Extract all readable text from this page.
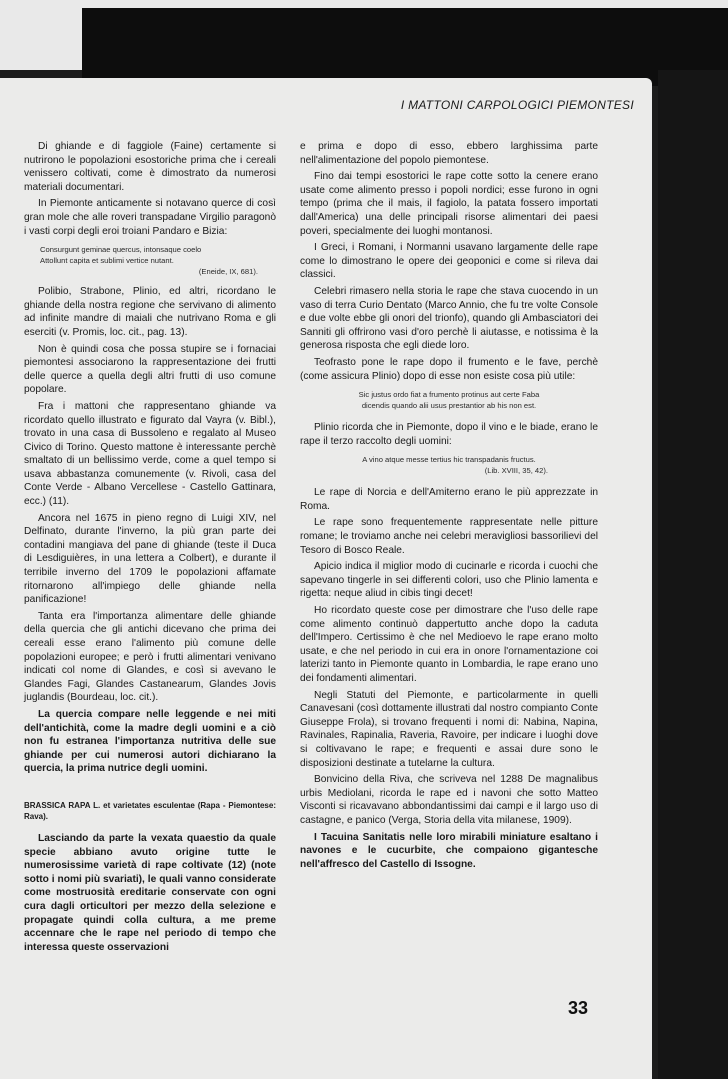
I MATTONI CARPOLOGICI PIEMONTESI

Di ghiande e di faggiole (Faine) certamente si nutrirono le popolazioni esostoriche prima che i cereali venissero coltivati, come è dimostrato da numerosi materiali documentari.

In Piemonte anticamente si notavano querce di così gran mole che alle roveri transpadane Virgilio paragonò i vasti corpi degli eroi troiani Pandaro e Bizia:

Consurgunt geminae quercus, intonsaque coelo
Attollunt capita et sublimi vertice nutant.
(Eneide, IX, 681).

Polibio, Strabone, Plinio, ed altri, ricordano le ghiande della nostra regione che servivano di alimento ad infinite mandre di maiali che nutrivano Roma e gli eserciti (v. Promis, loc. cit., pag. 13).

Non è quindi cosa che possa stupire se i fornaciai piemontesi associarono la rappresentazione dei frutti delle querce a quella degli altri frutti di uso comune popolare.

Fra i mattoni che rappresentano ghiande va ricordato quello illustrato e figurato dal Vayra (v. Bibl.), trovato in una casa di Bussoleno e regalato al Museo Civico di Torino. Questo mattone è interessante perchè smaltato di un bellissimo verde, come a quel tempo si usava abbastanza comunemente (v. Rivoli, casa del Conte Verde - Albano Vercellese - Castello Gattinara, ecc.) (11).

Ancora nel 1675 in pieno regno di Luigi XIV, nel Delfinato, durante l'inverno, la più gran parte dei contadini mangiava del pane di ghiande (teste il Duca di Lesdiguières, in una lettera a Colbert), e durante il terribile inverno del 1709 le popolazioni affamate ritornarono all'impiego delle ghiande nella panificazione!

Tanta era l'importanza alimentare delle ghiande della quercia che gli antichi dicevano che prima dei cereali esse erano l'alimento più comune delle popolazioni europee; e però i frutti alimentari venivano indicati col nome di Glandes, e così si avevano le Glandes Fagi, Glandes Castanearum, Glandes Jovis juglandis (Bourdeau, loc. cit.).

La quercia compare nelle leggende e nei miti dell'antichità, come la madre degli uomini e a ciò non fu estranea l'importanza nutritiva delle sue ghiande per cui numerosi autori dichiarano la quercia, la prima nutrice degli uomini.

BRASSICA RAPA L. et varietates esculentae (Rapa - Piemontese: Rava).

Lasciando da parte la vexata quaestio da quale specie abbiano avuto origine tutte le numerosissime varietà di rape coltivate (12) (note sotto i nomi più svariati), le quali vanno considerate come mostruosità ereditarie conservate con ogni cura dagli orticultori per mezzo della selezione e propagate quindi colla cultura, a me preme accennare che le rape nel periodo di tempo che interessa queste osservazioni

e prima e dopo di esso, ebbero larghissima parte nell'alimentazione del popolo piemontese.

Fino dai tempi esostorici le rape cotte sotto la cenere erano usate come alimento presso i popoli nordici; esse furono in ogni tempo (prima che il mais, il fagiolo, la patata fossero importati dall'America) una delle principali risorse alimentari dei paesi poveri, specialmente dei luoghi montanosi.

I Greci, i Romani, i Normanni usavano largamente delle rape come lo dimostrano le opere dei geoponici e come si rileva dai classici.

Celebri rimasero nella storia le rape che stava cuocendo in un vaso di terra Curio Dentato (Marco Annio, che fu tre volte Console e due volte ebbe gli onori del trionfo), quando gli Ambasciatori dei Sanniti gli offrirono vasi d'oro perchè li aiutasse, e notissima è la generosa risposta che egli diede loro.

Teofrasto pone le rape dopo il frumento e le fave, perchè (come assicura Plinio) dopo di esse non esiste cosa più utile:

Sic justus ordo fiat a frumento protinus aut certe Faba
dicendis quando alii usus prestantior ab his non est.

Plinio ricorda che in Piemonte, dopo il vino e le biade, erano le rape il terzo raccolto degli uomini:

A vino atque messe tertius hic transpadanis fructus.
(Lib. XVIII, 35, 42).

Le rape di Norcia e dell'Amiterno erano le più apprezzate in Roma.

Le rape sono frequentemente rappresentate nelle pitture romane; le troviamo anche nei celebri meravigliosi bassorilievi del Tesoro di Bosco Reale.

Apicio indica il miglior modo di cucinarle e ricorda i cuochi che sapevano tingerle in sei differenti colori, uso che Plinio lamenta e rigetta: neque aliud in cibis tingi decet!

Ho ricordato queste cose per dimostrare che l'uso delle rape come alimento continuò dappertutto anche dopo la caduta dell'Impero. Certissimo è che nel Medioevo le rape erano molto usate, e che nel periodo in cui era in onore l'ornamentazione coi laterizi tanto in Piemonte quanto in Lombardia, le rape erano uno dei fondamenti alimentari.

Negli Statuti del Piemonte, e particolarmente in quelli Canavesani (così dottamente illustrati dal nostro compianto Conte Giuseppe Frola), si trovano frequenti i nomi di: Nabina, Napina, Ravinales, Rapinalia, Raveria, Ravoire, per indicare i luoghi dove si coltivavano le rape; e frequenti e assai dure sono le disposizioni destinate a tutelarne la cultura.

Bonvicino della Riva, che scriveva nel 1288 De magnalibus urbis Mediolani, ricorda le rape ed i navoni che sotto Matteo Visconti si ricavavano abbondantissimi dai campi e il largo uso di castagne, e panico (Verga, Storia della vita milanese, 1909).

I Tacuina Sanitatis nelle loro mirabili miniature esaltano i navones e le cucurbite, che compaiono gigantesche nell'affresco del Castello di Issogne.

33
